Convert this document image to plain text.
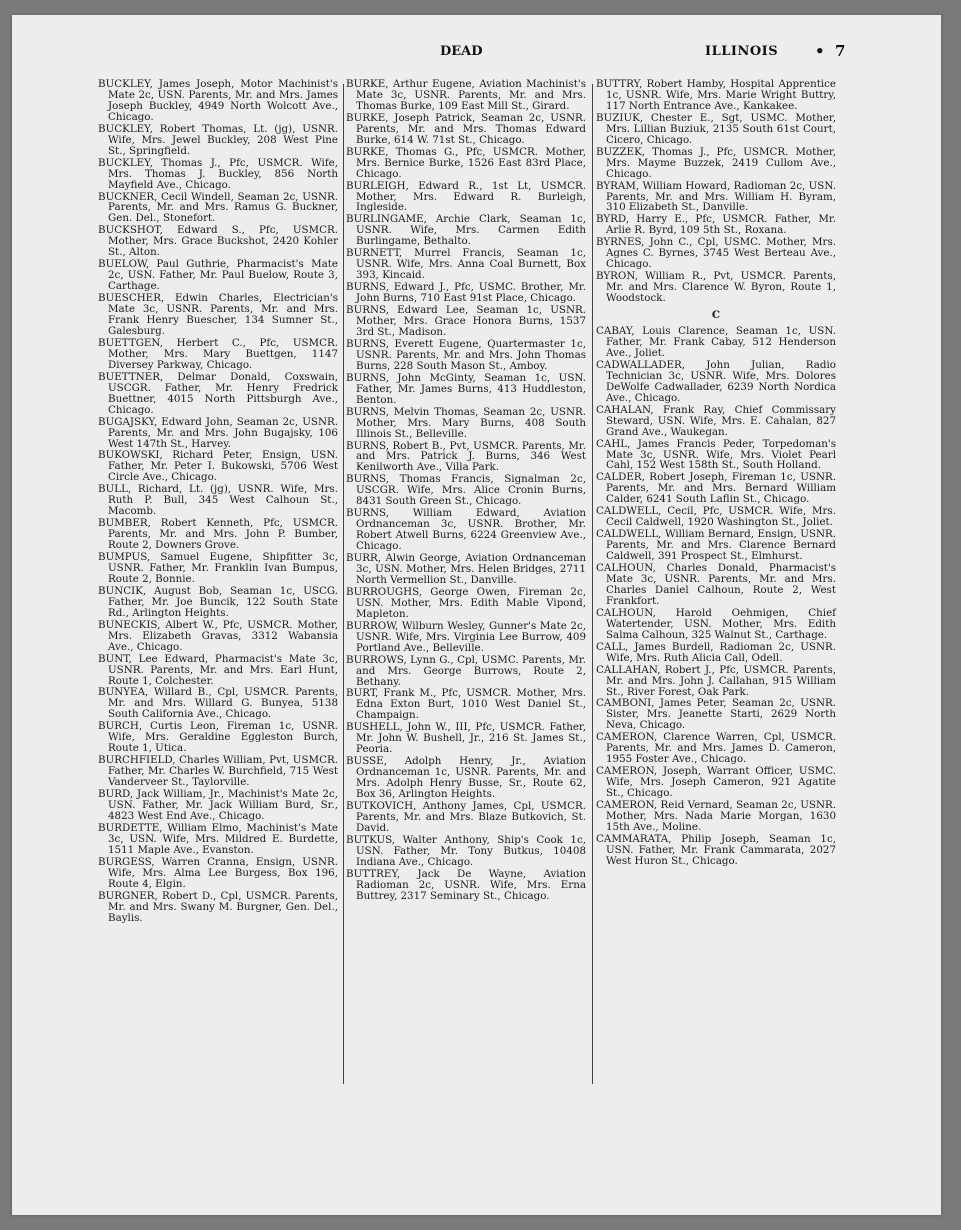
DEAD	ILLINOIS • 7

BUCKLEY, James Joseph, Motor Machinist's Mate 2c, USN. Parents, Mr. and Mrs. James Joseph Buckley, 4949 North Wolcott Ave., Chicago.

BUCKLEY, Robert Thomas, Lt. (jg), USNR. Wife, Mrs. Jewel Buckley, 208 West Pine St., Springfield.

BUCKLEY, Thomas J., Pfc, USMCR. Wife, Mrs. Thomas J. Buckley, 856 North Mayfield Ave., Chicago.

BUCKNER, Cecil Windell, Seaman 2c, USNR. Parents, Mr. and Mrs. Ramus G. Buckner, Gen. Del., Stonefort.

BUCKSHOT, Edward S., Pfc, USMCR. Mother, Mrs. Grace Buckshot, 2420 Kohler St., Alton.

BUELOW, Paul Guthrie, Pharmacist's Mate 2c, USN. Father, Mr. Paul Buelow, Route 3, Carthage.

BUESCHER, Edwin Charles, Electrician's Mate 3c, USNR. Parents, Mr. and Mrs. Frank Henry Buescher, 134 Sumner St., Galesburg.

BUETTGEN, Herbert C., Pfc, USMCR. Mother, Mrs. Mary Buettgen, 1147 Diversey Parkway, Chicago.

BUETTNER, Delmar Donald, Coxswain, USCGR. Father, Mr. Henry Fredrick Buettner, 4015 North Pittsburgh Ave., Chicago.

BUGAJSKY, Edward John, Seaman 2c, USNR. Parents, Mr. and Mrs. John Bugajsky, 106 West 147th St., Harvey.

BUKOWSKI, Richard Peter, Ensign, USN. Father, Mr. Peter I. Bukowski, 5706 West Circle Ave., Chicago.

BULL, Richard, Lt. (jg), USNR. Wife, Mrs. Ruth P. Bull, 345 West Calhoun St., Macomb.

BUMBER, Robert Kenneth, Pfc, USMCR. Parents, Mr. and Mrs. John P. Bumber, Route 2, Downers Grove.

BUMPUS, Samuel Eugene, Shipfitter 3c, USNR. Father, Mr. Franklin Ivan Bumpus, Route 2, Bonnie.

BUNCIK, August Bob, Seaman 1c, USCG. Father, Mr. Joe Buncik, 122 South State Rd., Arlington Heights.

BUNECKIS, Albert W., Pfc, USMCR. Mother, Mrs. Elizabeth Gravas, 3312 Wabansia Ave., Chicago.

BUNT, Lee Edward, Pharmacist's Mate 3c, USNR. Parents, Mr. and Mrs. Earl Hunt, Route 1, Colchester.

BUNYEA, Willard B., Cpl, USMCR. Parents, Mr. and Mrs. Willard G. Bunyea, 5138 South California Ave., Chicago.

BURCH, Curtis Leon, Fireman 1c, USNR. Wife, Mrs. Geraldine Eggleston Burch, Route 1, Utica.

BURCHFIELD, Charles William, Pvt, USMCR. Father, Mr. Charles W. Burchfield, 715 West Vanderveer St., Taylorville.

BURD, Jack William, Jr., Machinist's Mate 2c, USN. Father, Mr. Jack William Burd, Sr., 4823 West End Ave., Chicago.

BURDETTE, William Elmo, Machinist's Mate 3c, USN. Wife, Mrs. Mildred E. Burdette, 1511 Maple Ave., Evanston.

BURGESS, Warren Cranna, Ensign, USNR. Wife, Mrs. Alma Lee Burgess, Box 196, Route 4, Elgin.

BURGNER, Robert D., Cpl, USMCR. Parents, Mr. and Mrs. Swany M. Burgner, Gen. Del., Baylis.

BURKE, Arthur Eugene, Aviation Machinist's Mate 3c, USNR. Parents, Mr. and Mrs. Thomas Burke, 109 East Mill St., Girard.

BURKE, Joseph Patrick, Seaman 2c, USNR. Parents, Mr. and Mrs. Thomas Edward Burke, 614 W. 71st St., Chicago.

BURKE, Thomas G., Pfc, USMCR. Mother, Mrs. Bernice Burke, 1526 East 83rd Place, Chicago.

BURLEIGH, Edward R., 1st Lt, USMCR. Mother, Mrs. Edward R. Burleigh, Ingleside.

BURLINGAME, Archie Clark, Seaman 1c, USNR. Wife, Mrs. Carmen Edith Burlingame, Bethalto.

BURNETT, Murrel Francis, Seaman 1c, USNR. Wife, Mrs. Anna Coal Burnett, Box 393, Kincaid.

BURNS, Edward J., Pfc, USMC. Brother, Mr. John Burns, 710 East 91st Place, Chicago.

BURNS, Edward Lee, Seaman 1c, USNR. Mother, Mrs. Grace Honora Burns, 1537 3rd St., Madison.

BURNS, Everett Eugene, Quartermaster 1c, USNR. Parents, Mr. and Mrs. John Thomas Burns, 228 South Mason St., Amboy.

BURNS, John McGinty, Seaman 1c, USN. Father, Mr. James Burns, 413 Huddleston, Benton.

BURNS, Melvin Thomas, Seaman 2c, USNR. Mother, Mrs. Mary Burns, 408 South Illinois St., Belleville.

BURNS, Robert B., Pvt, USMCR. Parents, Mr. and Mrs. Patrick J. Burns, 346 West Kenilworth Ave., Villa Park.

BURNS, Thomas Francis, Signalman 2c, USCGR. Wife, Mrs. Alice Cronin Burns, 8431 South Green St., Chicago.

BURNS, William Edward, Aviation Ordnanceman 3c, USNR. Brother, Mr. Robert Atwell Burns, 6224 Greenview Ave., Chicago.

BURR, Alwin George, Aviation Ordnanceman 3c, USN. Mother, Mrs. Helen Bridges, 2711 North Vermellion St., Danville.

BURROUGHS, George Owen, Fireman 2c, USN. Mother, Mrs. Edith Mable Vipond, Mapleton.

BURROW, Wilburn Wesley, Gunner's Mate 2c, USNR. Wife, Mrs. Virginia Lee Burrow, 409 Portland Ave., Belleville.

BURROWS, Lynn G., Cpl, USMC. Parents, Mr. and Mrs. George Burrows, Route 2, Bethany.

BURT, Frank M., Pfc, USMCR. Mother, Mrs. Edna Exton Burt, 1010 West Daniel St., Champaign.

BUSHELL, John W., III, Pfc, USMCR. Father, Mr. John W. Bushell, Jr., 216 St. James St., Peoria.

BUSSE, Adolph Henry, Jr., Aviation Ordnanceman 1c, USNR. Parents, Mr. and Mrs. Adolph Henry Busse, Sr., Route 62, Box 36, Arlington Heights.

BUTKOVICH, Anthony James, Cpl, USMCR. Parents, Mr. and Mrs. Blaze Butkovich, St. David.

BUTKUS, Walter Anthony, Ship's Cook 1c, USN. Father, Mr. Tony Butkus, 10408 Indiana Ave., Chicago.

BUTTREY, Jack De Wayne, Aviation Radioman 2c, USNR. Wife, Mrs. Erna Buttrey, 2317 Seminary St., Chicago.

BUTTRY, Robert Hamby, Hospital Apprentice 1c, USNR. Wife, Mrs. Marie Wright Buttry, 117 North Entrance Ave., Kankakee.

BUZIUK, Chester E., Sgt, USMC. Mother, Mrs. Lillian Buziuk, 2135 South 61st Court, Cicero, Chicago.

BUZZEK, Thomas J., Pfc, USMCR. Mother, Mrs. Mayme Buzzek, 2419 Cullom Ave., Chicago.

BYRAM, William Howard, Radioman 2c, USN. Parents, Mr. and Mrs. William H. Byram, 310 Elizabeth St., Danville.

BYRD, Harry E., Pfc, USMCR. Father, Mr. Arlie R. Byrd, 109 5th St., Roxana.

BYRNES, John C., Cpl, USMC. Mother, Mrs. Agnes C. Byrnes, 3745 West Berteau Ave., Chicago.

BYRON, William R., Pvt, USMCR. Parents, Mr. and Mrs. Clarence W. Byron, Route 1, Woodstock.

C

CABAY, Louis Clarence, Seaman 1c, USN. Father, Mr. Frank Cabay, 512 Henderson Ave., Joliet.

CADWALLADER, John Julian, Radio Technician 3c, USNR. Wife, Mrs. Dolores DeWolfe Cadwallader, 6239 North Nordica Ave., Chicago.

CAHALAN, Frank Ray, Chief Commissary Steward, USN. Wife, Mrs. E. Cahalan, 827 Grand Ave., Waukegan.

CAHL, James Francis Peder, Torpedoman's Mate 3c, USNR. Wife, Mrs. Violet Pearl Cahl, 152 West 158th St., South Holland.

CALDER, Robert Joseph, Fireman 1c, USNR. Parents, Mr. and Mrs. Bernard William Calder, 6241 South Laflin St., Chicago.

CALDWELL, Cecil, Pfc, USMCR. Wife, Mrs. Cecil Caldwell, 1920 Washington St., Joliet.

CALDWELL, William Bernard, Ensign, USNR. Parents, Mr. and Mrs. Clarence Bernard Caldwell, 391 Prospect St., Elmhurst.

CALHOUN, Charles Donald, Pharmacist's Mate 3c, USNR. Parents, Mr. and Mrs. Charles Daniel Calhoun, Route 2, West Frankfort.

CALHOUN, Harold Oehmigen, Chief Watertender, USN. Mother, Mrs. Edith Salma Calhoun, 325 Walnut St., Carthage.

CALL, James Burdell, Radioman 2c, USNR. Wife, Mrs. Ruth Alicia Call, Odell.

CALLAHAN, Robert J., Pfc, USMCR. Parents, Mr. and Mrs. John J. Callahan, 915 William St., River Forest, Oak Park.

CAMBONI, James Peter, Seaman 2c, USNR. Sister, Mrs. Jeanette Starti, 2629 North Neva, Chicago.

CAMERON, Clarence Warren, Cpl, USMCR. Parents, Mr. and Mrs. James D. Cameron, 1955 Foster Ave., Chicago.

CAMERON, Joseph, Warrant Officer, USMC. Wife, Mrs. Joseph Cameron, 921 Agatite St., Chicago.

CAMERON, Reid Vernard, Seaman 2c, USNR. Mother, Mrs. Nada Marie Morgan, 1630 15th Ave., Moline.

CAMMARATA, Philip Joseph, Seaman 1c, USN. Father, Mr. Frank Cammarata, 2027 West Huron St., Chicago.
